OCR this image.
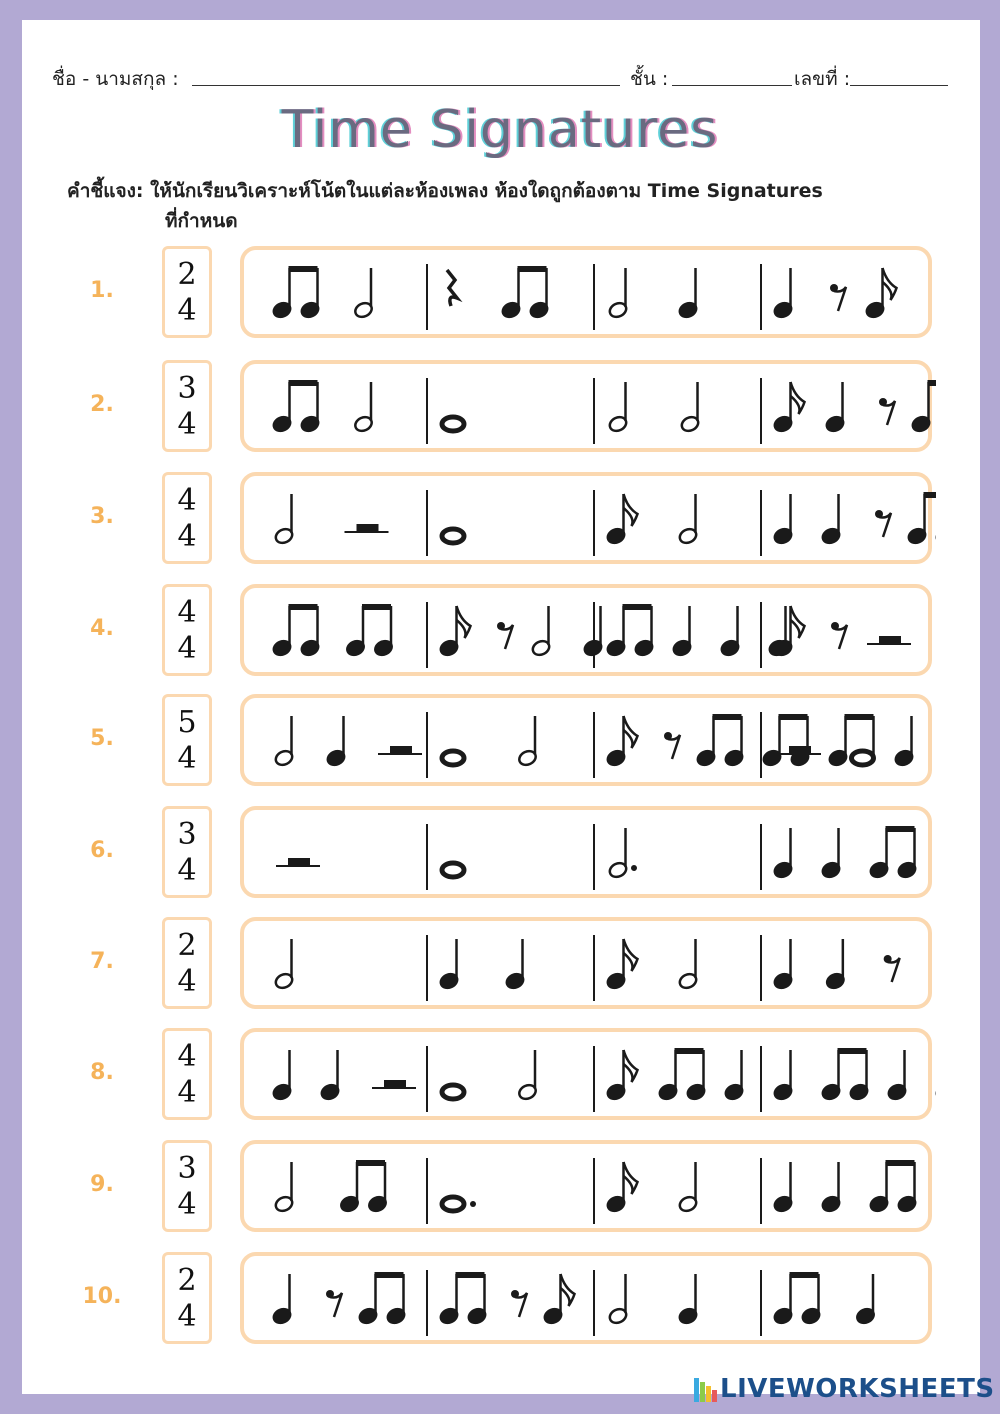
ชื่อ - นามสกุล :	ชั้น :	เลขที่ :
Time Signatures
คำชี้แจง: ให้นักเรียนวิเคราะห์โน้ตในแต่ละห้องเพลง ห้องใดถูกต้องตาม Time Signatures
ที่กำหนด
1.	2
4
2.	3
4
3.	4
4
4.	4
4
5.	5
4
6.	3
4
7.	2
4
8.	4
4
9.	3
4
10.	2
4
LIVEWORKSHEETS
